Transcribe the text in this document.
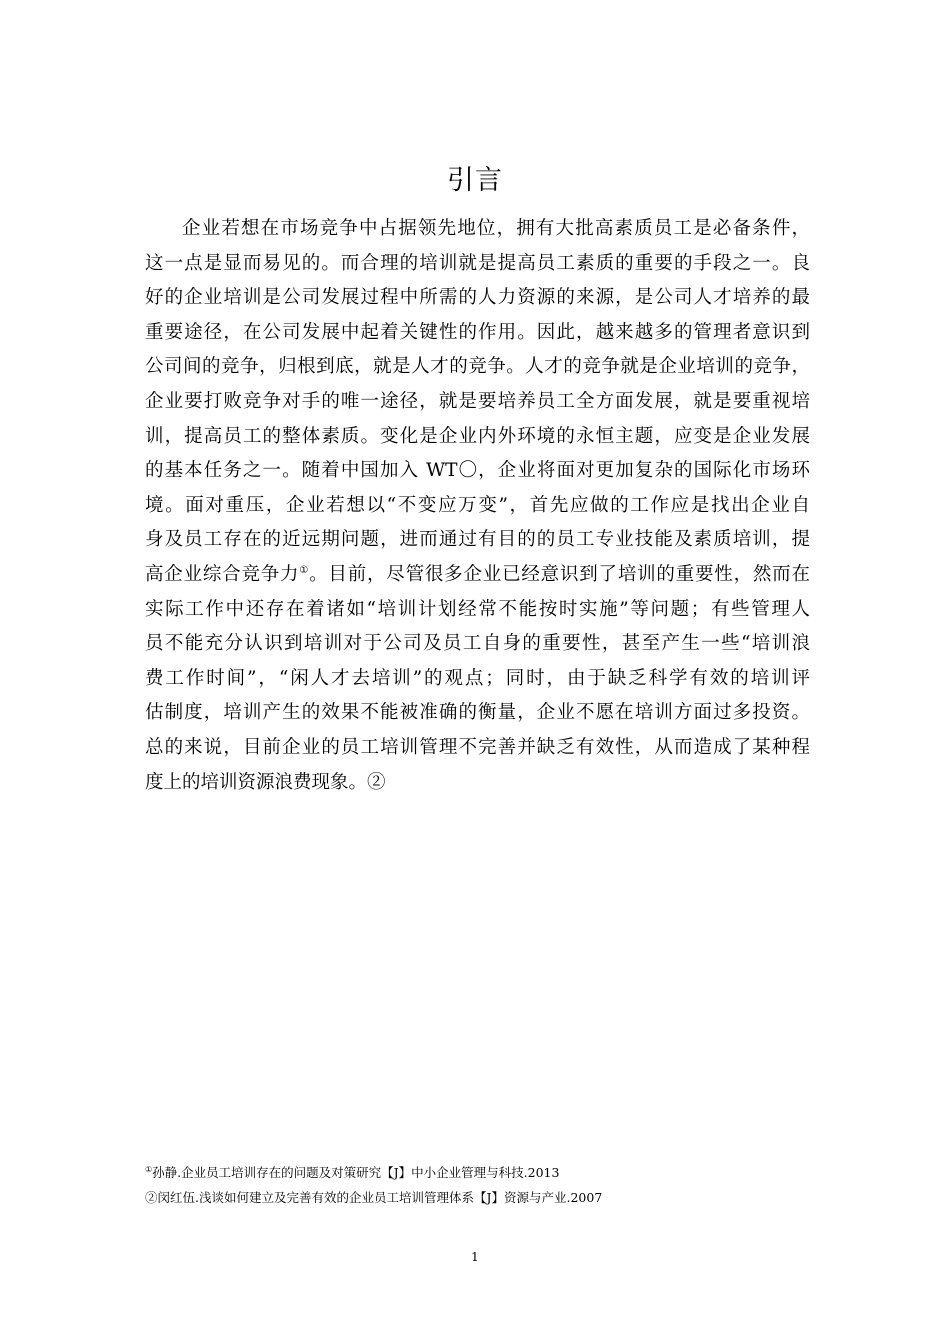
引言
企业若想在市场竞争中占据领先地位，拥有大批高素质员工是必备条件，
这一点是显而易见的。而合理的培训就是提高员工素质的重要的手段之一。良
好的企业培训是公司发展过程中所需的人力资源的来源，是公司人才培养的最
重要途径，在公司发展中起着关键性的作用。因此，越来越多的管理者意识到
公司间的竞争，归根到底，就是人才的竞争。人才的竞争就是企业培训的竞争，
企业要打败竞争对手的唯一途径，就是要培养员工全方面发展，就是要重视培
训，提高员工的整体素质。变化是企业内外环境的永恒主题，应变是企业发展
的基本任务之一。随着中国加入 WT〇，企业将面对更加复杂的国际化市场环
境。面对重压，企业若想以“不变应万变”，首先应做的工作应是找出企业自
身及员工存在的近远期问题，进而通过有目的的员工专业技能及素质培训，提
高企业综合竞争力①。目前，尽管很多企业已经意识到了培训的重要性，然而在
实际工作中还存在着诸如“培训计划经常不能按时实施”等问题；有些管理人
员不能充分认识到培训对于公司及员工自身的重要性，甚至产生一些“培训浪
费工作时间”，“闲人才去培训”的观点；同时，由于缺乏科学有效的培训评
估制度，培训产生的效果不能被准确的衡量，企业不愿在培训方面过多投资。
总的来说，目前企业的员工培训管理不完善并缺乏有效性，从而造成了某种程
度上的培训资源浪费现象。②
①孙静.企业员工培训存在的问题及对策研究【J】中小企业管理与科技.2013
②闵红伍.浅谈如何建立及完善有效的企业员工培训管理体系【J】资源与产业.2007
1
